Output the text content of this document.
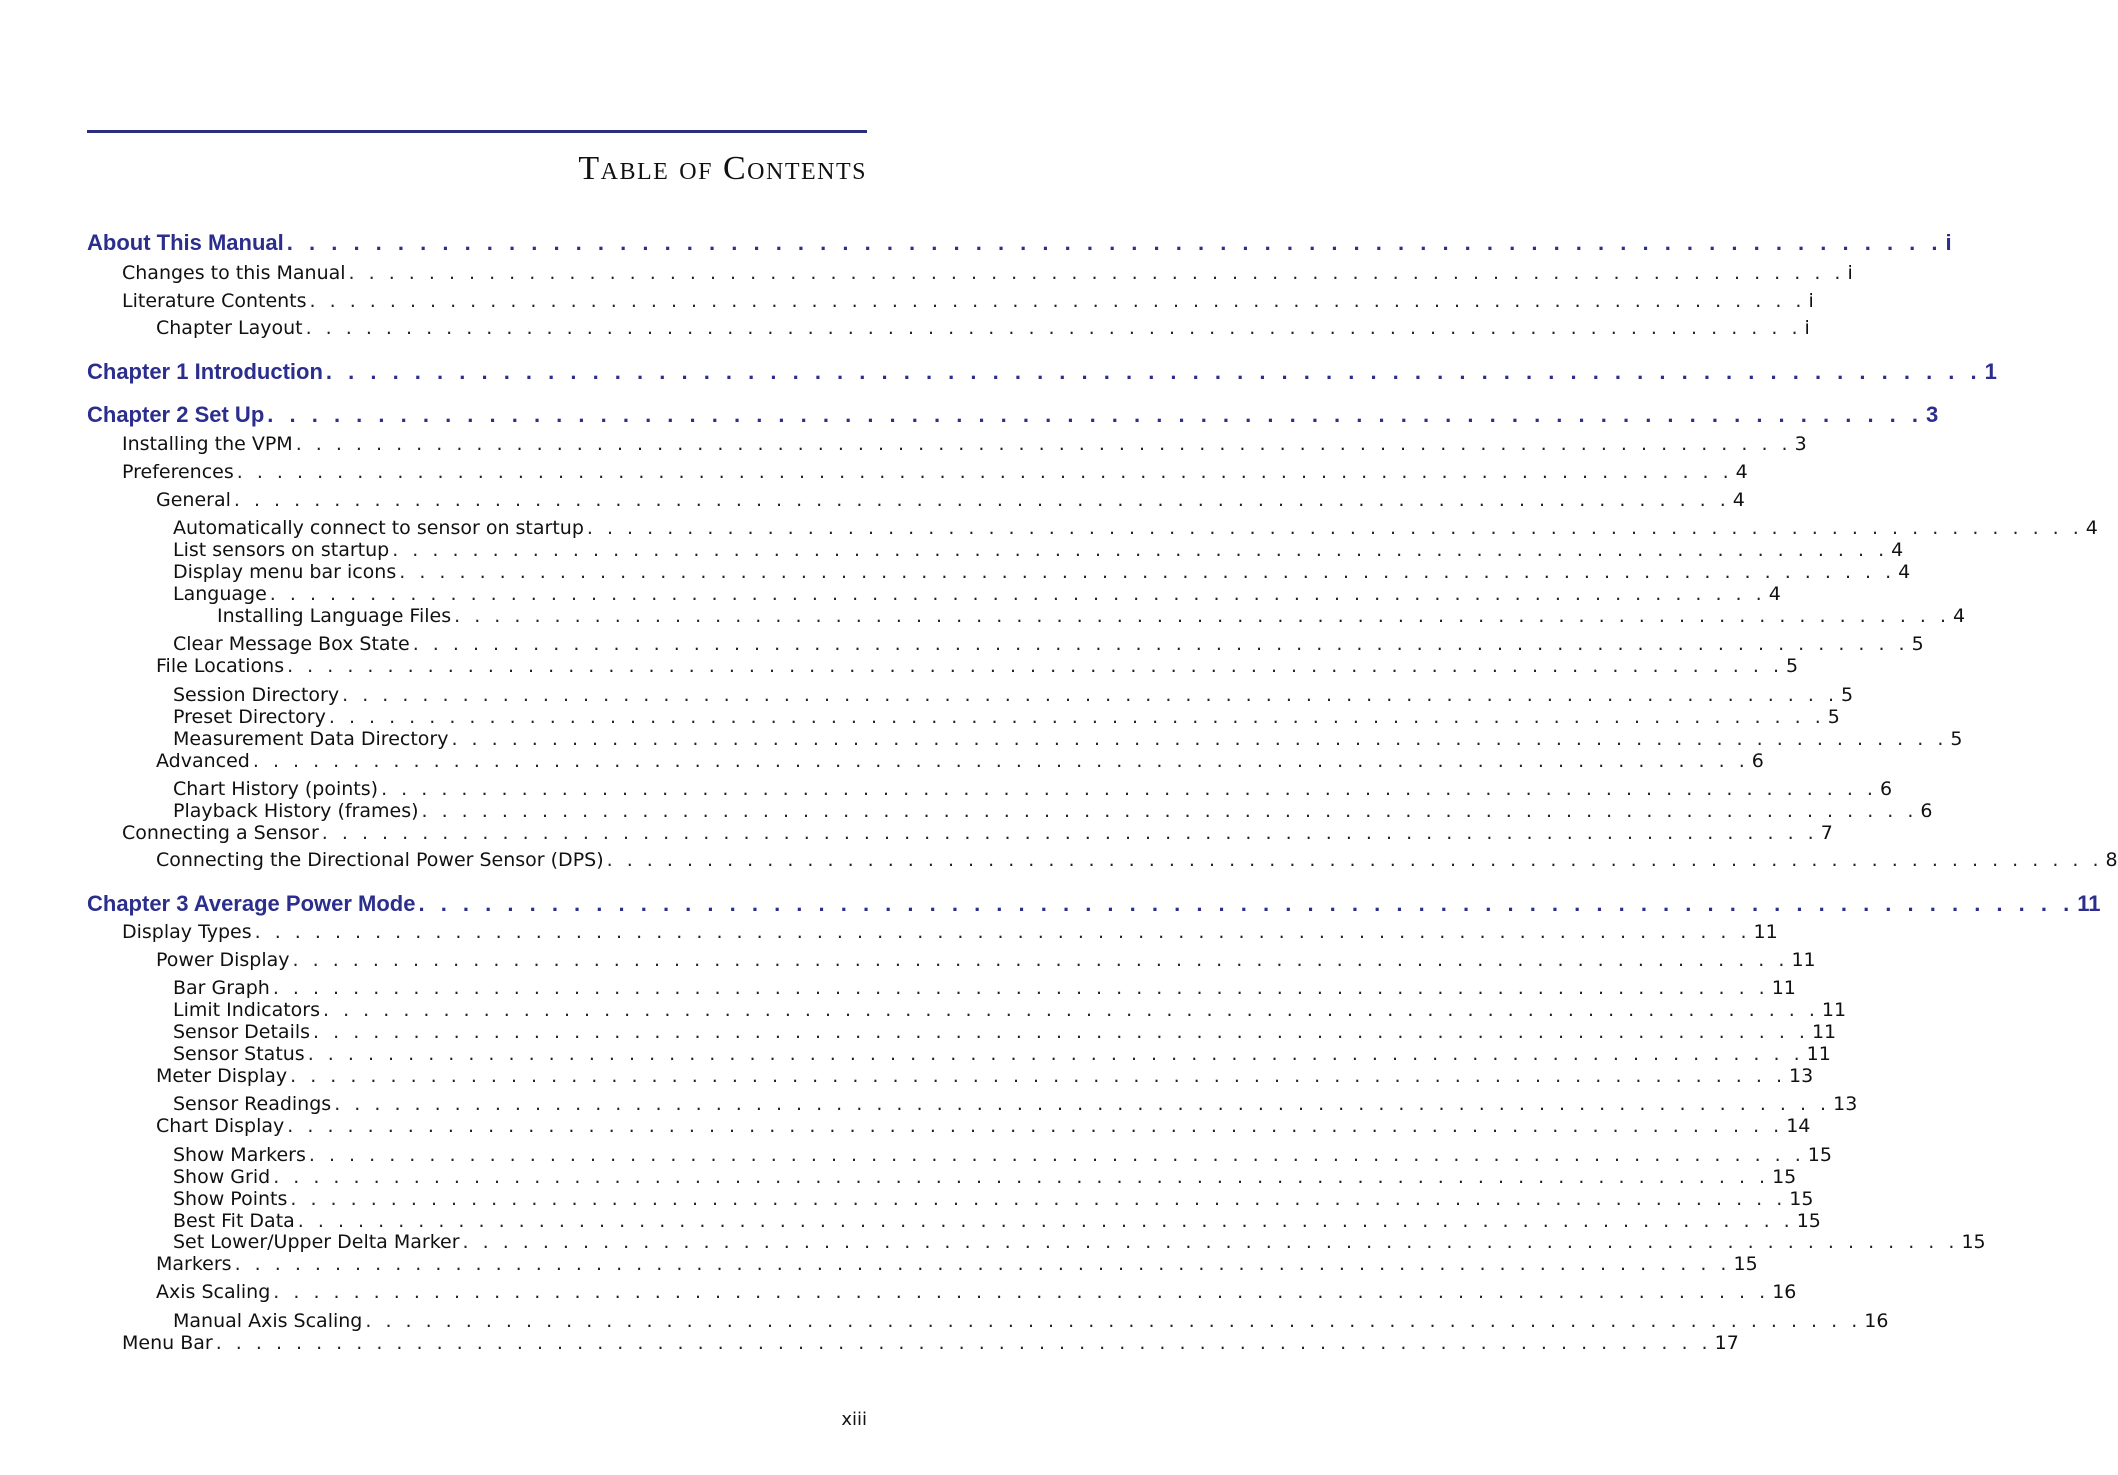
Table of Contents
About This Manual . . . . . . . . . . . . . . . . . . . . . . . . . . . . . . . . . . . . . . . . . . . . . . . . . . . . . . . . . . . . . . . . . . . . . . . . . . . i
Changes to this Manual . . . . . . . . . . . . . . . . . . . . . . . . . . . . . . . . . . . . . . . . . . . . . . . . . . . . . . . . . . . . . . . . . . . . . . . . . . . i
Literature Contents . . . . . . . . . . . . . . . . . . . . . . . . . . . . . . . . . . . . . . . . . . . . . . . . . . . . . . . . . . . . . . . . . . . . . . . . . . . i
Chapter Layout . . . . . . . . . . . . . . . . . . . . . . . . . . . . . . . . . . . . . . . . . . . . . . . . . . . . . . . . . . . . . . . . . . . . . . . . . . . i
Chapter 1 Introduction . . . . . . . . . . . . . . . . . . . . . . . . . . . . . . . . . . . . . . . . . . . . . . . . . . . . . . . . . . . . . . . . . . . . . . . . . . . 1
Chapter 2 Set Up . . . . . . . . . . . . . . . . . . . . . . . . . . . . . . . . . . . . . . . . . . . . . . . . . . . . . . . . . . . . . . . . . . . . . . . . . . . 3
Installing the VPM . . . . . . . . . . . . . . . . . . . . . . . . . . . . . . . . . . . . . . . . . . . . . . . . . . . . . . . . . . . . . . . . . . . . . . . . . . . 3
Preferences . . . . . . . . . . . . . . . . . . . . . . . . . . . . . . . . . . . . . . . . . . . . . . . . . . . . . . . . . . . . . . . . . . . . . . . . . . . 4
General . . . . . . . . . . . . . . . . . . . . . . . . . . . . . . . . . . . . . . . . . . . . . . . . . . . . . . . . . . . . . . . . . . . . . . . . . . . 4
Automatically connect to sensor on startup . . . . . . . . . . . . . . . . . . . . . . . . . . . . . . . . . . . . . . . . . . . . . . . . . . . . . . . . . . . . . . . . . . . . . . . . . . . 4
List sensors on startup . . . . . . . . . . . . . . . . . . . . . . . . . . . . . . . . . . . . . . . . . . . . . . . . . . . . . . . . . . . . . . . . . . . . . . . . . . . 4
Display menu bar icons . . . . . . . . . . . . . . . . . . . . . . . . . . . . . . . . . . . . . . . . . . . . . . . . . . . . . . . . . . . . . . . . . . . . . . . . . . . 4
Language . . . . . . . . . . . . . . . . . . . . . . . . . . . . . . . . . . . . . . . . . . . . . . . . . . . . . . . . . . . . . . . . . . . . . . . . . . . 4
Installing Language Files . . . . . . . . . . . . . . . . . . . . . . . . . . . . . . . . . . . . . . . . . . . . . . . . . . . . . . . . . . . . . . . . . . . . . . . . . . . 4
Clear Message Box State . . . . . . . . . . . . . . . . . . . . . . . . . . . . . . . . . . . . . . . . . . . . . . . . . . . . . . . . . . . . . . . . . . . . . . . . . . . 5
File Locations . . . . . . . . . . . . . . . . . . . . . . . . . . . . . . . . . . . . . . . . . . . . . . . . . . . . . . . . . . . . . . . . . . . . . . . . . . . 5
Session Directory . . . . . . . . . . . . . . . . . . . . . . . . . . . . . . . . . . . . . . . . . . . . . . . . . . . . . . . . . . . . . . . . . . . . . . . . . . . 5
Preset Directory . . . . . . . . . . . . . . . . . . . . . . . . . . . . . . . . . . . . . . . . . . . . . . . . . . . . . . . . . . . . . . . . . . . . . . . . . . . 5
Measurement Data Directory . . . . . . . . . . . . . . . . . . . . . . . . . . . . . . . . . . . . . . . . . . . . . . . . . . . . . . . . . . . . . . . . . . . . . . . . . . . 5
Advanced . . . . . . . . . . . . . . . . . . . . . . . . . . . . . . . . . . . . . . . . . . . . . . . . . . . . . . . . . . . . . . . . . . . . . . . . . . . 6
Chart History (points) . . . . . . . . . . . . . . . . . . . . . . . . . . . . . . . . . . . . . . . . . . . . . . . . . . . . . . . . . . . . . . . . . . . . . . . . . . . 6
Playback History (frames) . . . . . . . . . . . . . . . . . . . . . . . . . . . . . . . . . . . . . . . . . . . . . . . . . . . . . . . . . . . . . . . . . . . . . . . . . . . 6
Connecting a Sensor . . . . . . . . . . . . . . . . . . . . . . . . . . . . . . . . . . . . . . . . . . . . . . . . . . . . . . . . . . . . . . . . . . . . . . . . . . . 7
Connecting the Directional Power Sensor (DPS) . . . . . . . . . . . . . . . . . . . . . . . . . . . . . . . . . . . . . . . . . . . . . . . . . . . . . . . . . . . . . . . . . . . . . . . . . . . 8
Chapter 3 Average Power Mode . . . . . . . . . . . . . . . . . . . . . . . . . . . . . . . . . . . . . . . . . . . . . . . . . . . . . . . . . . . . . . . . . . . . . . . . . . . 11
Display Types . . . . . . . . . . . . . . . . . . . . . . . . . . . . . . . . . . . . . . . . . . . . . . . . . . . . . . . . . . . . . . . . . . . . . . . . . . . 11
Power Display . . . . . . . . . . . . . . . . . . . . . . . . . . . . . . . . . . . . . . . . . . . . . . . . . . . . . . . . . . . . . . . . . . . . . . . . . . . 11
Bar Graph . . . . . . . . . . . . . . . . . . . . . . . . . . . . . . . . . . . . . . . . . . . . . . . . . . . . . . . . . . . . . . . . . . . . . . . . . . . 11
Limit Indicators . . . . . . . . . . . . . . . . . . . . . . . . . . . . . . . . . . . . . . . . . . . . . . . . . . . . . . . . . . . . . . . . . . . . . . . . . . . 11
Sensor Details . . . . . . . . . . . . . . . . . . . . . . . . . . . . . . . . . . . . . . . . . . . . . . . . . . . . . . . . . . . . . . . . . . . . . . . . . . . 11
Sensor Status . . . . . . . . . . . . . . . . . . . . . . . . . . . . . . . . . . . . . . . . . . . . . . . . . . . . . . . . . . . . . . . . . . . . . . . . . . . 11
Meter Display . . . . . . . . . . . . . . . . . . . . . . . . . . . . . . . . . . . . . . . . . . . . . . . . . . . . . . . . . . . . . . . . . . . . . . . . . . . 13
Sensor Readings . . . . . . . . . . . . . . . . . . . . . . . . . . . . . . . . . . . . . . . . . . . . . . . . . . . . . . . . . . . . . . . . . . . . . . . . . . . 13
Chart Display . . . . . . . . . . . . . . . . . . . . . . . . . . . . . . . . . . . . . . . . . . . . . . . . . . . . . . . . . . . . . . . . . . . . . . . . . . . 14
Show Markers . . . . . . . . . . . . . . . . . . . . . . . . . . . . . . . . . . . . . . . . . . . . . . . . . . . . . . . . . . . . . . . . . . . . . . . . . . . 15
Show Grid . . . . . . . . . . . . . . . . . . . . . . . . . . . . . . . . . . . . . . . . . . . . . . . . . . . . . . . . . . . . . . . . . . . . . . . . . . . 15
Show Points . . . . . . . . . . . . . . . . . . . . . . . . . . . . . . . . . . . . . . . . . . . . . . . . . . . . . . . . . . . . . . . . . . . . . . . . . . . 15
Best Fit Data . . . . . . . . . . . . . . . . . . . . . . . . . . . . . . . . . . . . . . . . . . . . . . . . . . . . . . . . . . . . . . . . . . . . . . . . . . . 15
Set Lower/Upper Delta Marker . . . . . . . . . . . . . . . . . . . . . . . . . . . . . . . . . . . . . . . . . . . . . . . . . . . . . . . . . . . . . . . . . . . . . . . . . . . 15
Markers . . . . . . . . . . . . . . . . . . . . . . . . . . . . . . . . . . . . . . . . . . . . . . . . . . . . . . . . . . . . . . . . . . . . . . . . . . . 15
Axis Scaling . . . . . . . . . . . . . . . . . . . . . . . . . . . . . . . . . . . . . . . . . . . . . . . . . . . . . . . . . . . . . . . . . . . . . . . . . . . 16
Manual Axis Scaling . . . . . . . . . . . . . . . . . . . . . . . . . . . . . . . . . . . . . . . . . . . . . . . . . . . . . . . . . . . . . . . . . . . . . . . . . . . 16
Menu Bar . . . . . . . . . . . . . . . . . . . . . . . . . . . . . . . . . . . . . . . . . . . . . . . . . . . . . . . . . . . . . . . . . . . . . . . . . . . 17

xiii
